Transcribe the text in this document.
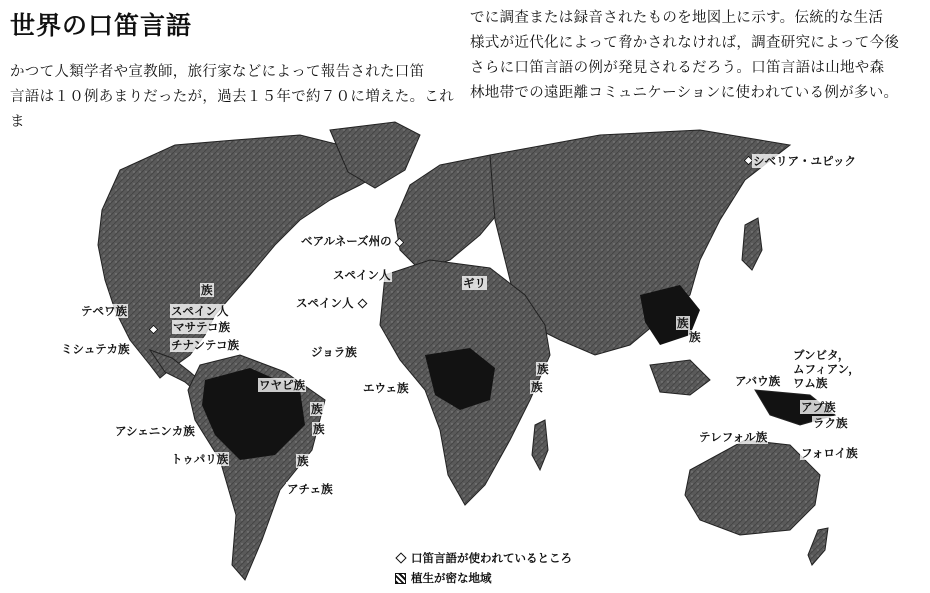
世界の口笛言語
かつて人類学者や宣教師，旅行家などによって報告された口笛
言語は１０例あまりだったが，過去１５年で約７０に増えた。これま
でに調査または録音されたものを地図上に示す。伝統的な生活
様式が近代化によって脅かされなければ，調査研究によって今後
さらに口笛言語の例が発見されるだろう。口笛言語は山地や森
林地帯での遠距離コミュニケーションに使われている例が多い。
シベリア・ユピック
ベアルネーズ州の
スペイン人
スペイン人
ギリ
テペワ族	スペイン人
マサテコ族
ミシュテカ族	チナンテコ族	ジョラ族
エウェ族
ワヤピ族
アシェニンカ族
トゥパリ族
アチェ族
ブンビタ，
ムフィアン，
ワム族
アバウ族
アプ族
ラク族
テレフォル族
フォロイ族
族
族
族
族
族
族
族
族
口笛言語が使われているところ
植生が密な地域
